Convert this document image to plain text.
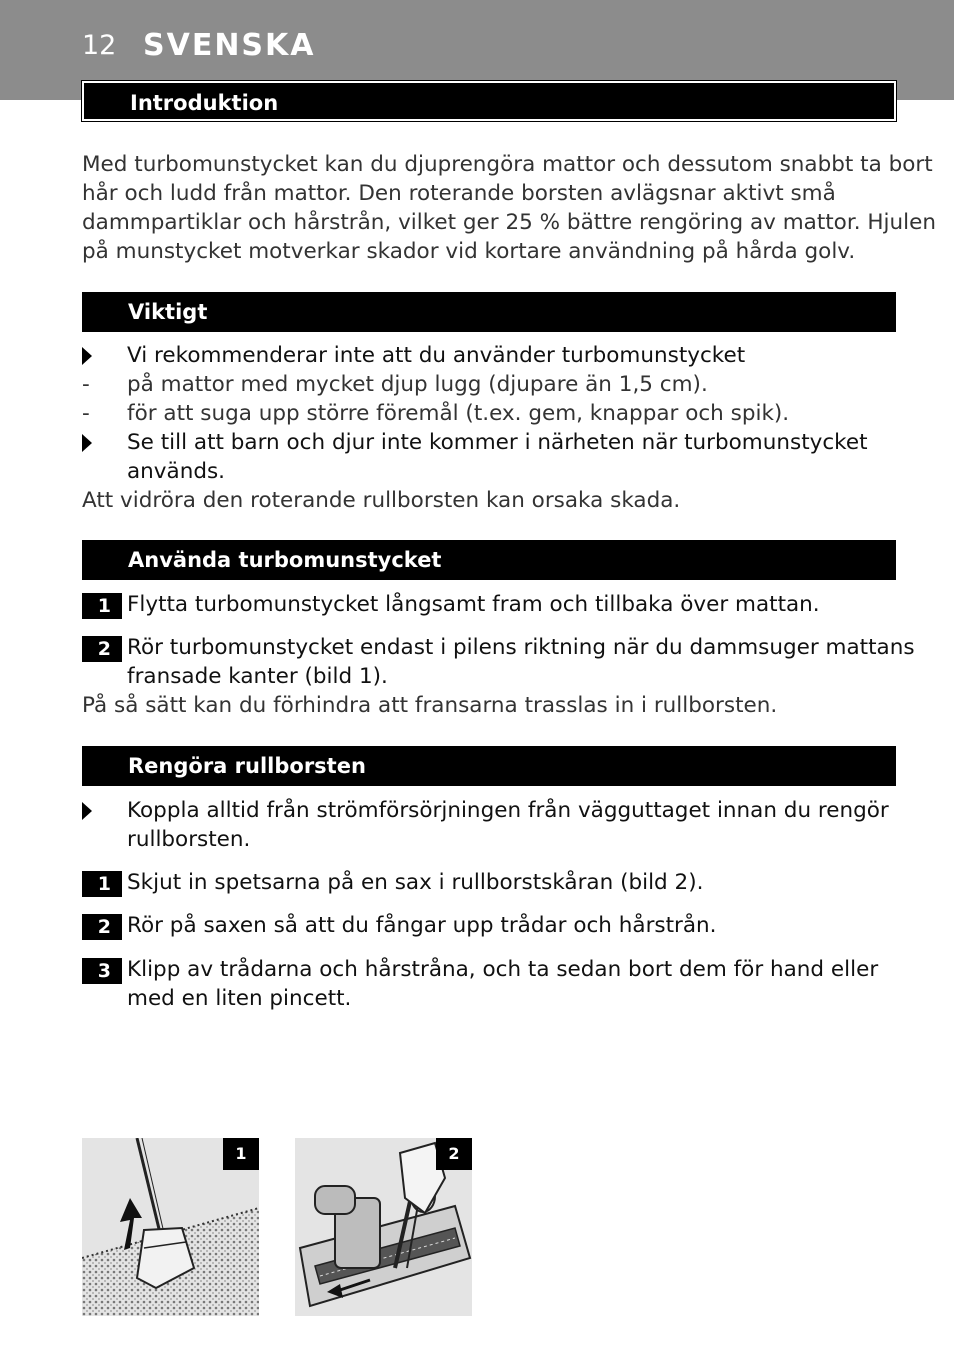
12 SVENSKA
Introduktion
Med turbomunstycket kan du djuprengöra mattor och dessutom snabbt ta bort
hår och ludd från mattor. Den roterande borsten avlägsnar aktivt små
dammpartiklar och hårstrån, vilket ger 25 % bättre rengöring av mattor. Hjulen
på munstycket motverkar skador vid kortare användning på hårda golv.
Viktigt
Vi rekommenderar inte att du använder turbomunstycket
- på mattor med mycket djup lugg (djupare än 1,5 cm).
- för att suga upp större föremål (t.ex. gem, knappar och spik).
Se till att barn och djur inte kommer i närheten när turbomunstycket
används.
Att vidröra den roterande rullborsten kan orsaka skada.
Använda turbomunstycket
1 Flytta turbomunstycket långsamt fram och tillbaka över mattan.
2 Rör turbomunstycket endast i pilens riktning när du dammsuger mattans
fransade kanter (bild 1).
På så sätt kan du förhindra att fransarna trasslas in i rullborsten.
Rengöra rullborsten
Koppla alltid från strömförsörjningen från vägguttaget innan du rengör
rullborsten.
1 Skjut in spetsarna på en sax i rullborstskåran (bild 2).
2 Rör på saxen så att du fångar upp trådar och hårstrån.
3 Klipp av trådarna och hårstråna, och ta sedan bort dem för hand eller
med en liten pincett.
1	2
